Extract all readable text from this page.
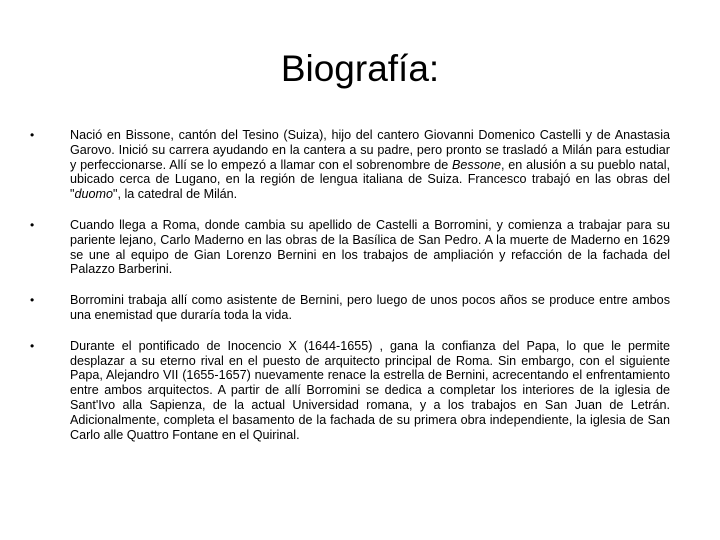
Biografía:
•	Nació en Bissone, cantón del Tesino (Suiza), hijo del cantero Giovanni Domenico Castelli y de Anastasia Garovo. Inició su carrera ayudando en la cantera a su padre, pero pronto se trasladó a Milán para estudiar y perfeccionarse. Allí se lo empezó a llamar con el sobrenombre de Bessone, en alusión a su pueblo natal, ubicado cerca de Lugano, en la región de lengua italiana de Suiza. Francesco trabajó en las obras del "duomo", la catedral de Milán.
•	Cuando llega a Roma, donde cambia su apellido de Castelli a Borromini, y comienza a trabajar para su pariente lejano, Carlo Maderno en las obras de la Basílica de San Pedro. A la muerte de Maderno en 1629 se une al equipo de Gian Lorenzo Bernini en los trabajos de ampliación y refacción de la fachada del Palazzo Barberini.
•	Borromini trabaja allí como asistente de Bernini, pero luego de unos pocos años se produce entre ambos una enemistad que duraría toda la vida.
•	Durante el pontificado de Inocencio X (1644-1655) , gana la confianza del Papa, lo que le permite desplazar a su eterno rival en el puesto de arquitecto principal de Roma. Sin embargo, con el siguiente Papa, Alejandro VII (1655-1657) nuevamente renace la estrella de Bernini, acrecentando el enfrentamiento entre ambos arquitectos. A partir de allí Borromini se dedica a completar los interiores de la iglesia de Sant'Ivo alla Sapienza, de la actual Universidad romana, y a los trabajos en San Juan de Letrán. Adicionalmente, completa el basamento de la fachada de su primera obra independiente, la iglesia de San Carlo alle Quattro Fontane en el Quirinal.
